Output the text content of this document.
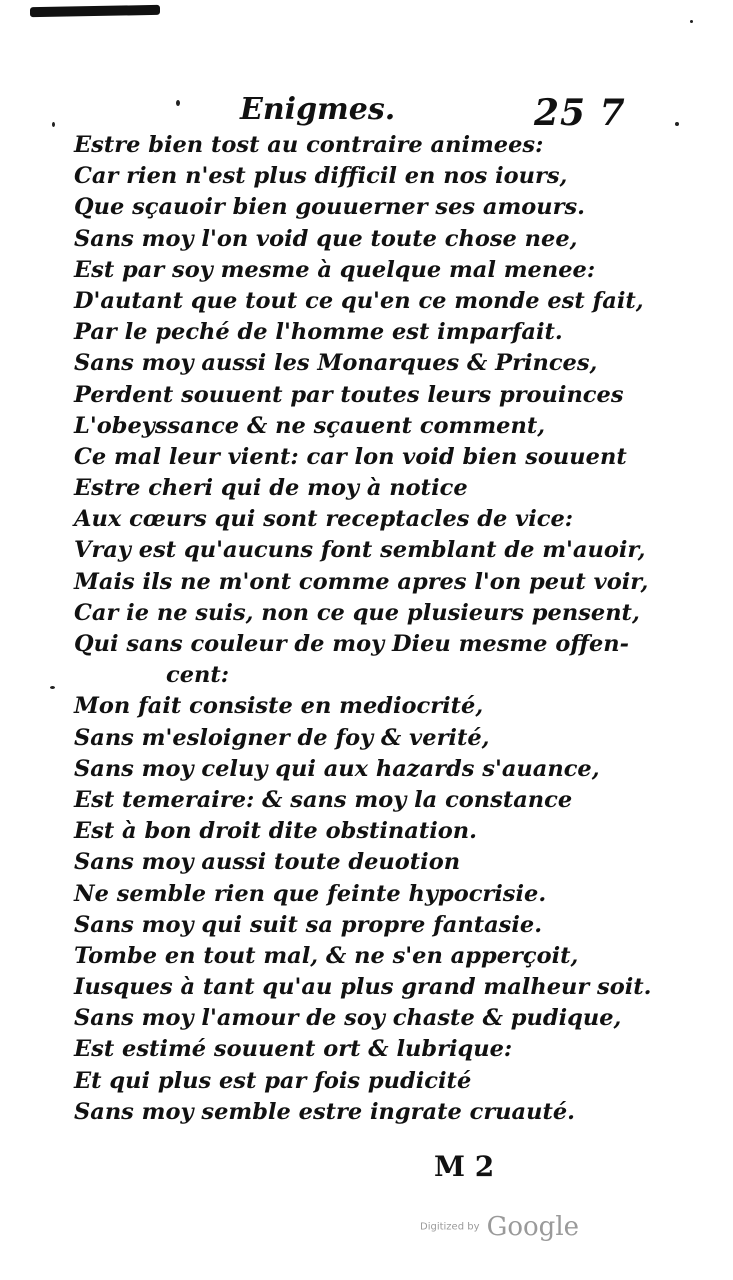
Enigmes.	25 7
Estre bien tost au contraire animees:
Car rien n'est plus difficil en nos iours,
Que sçauoir bien gouuerner ses amours.
Sans moy l'on void que toute chose nee,
Est par soy mesme à quelque mal menee:
D'autant que tout ce qu'en ce monde est fait,
Par le peché de l'homme est imparfait.
Sans moy aussi les Monarques & Princes,
Perdent souuent par toutes leurs prouinces
L'obeyssance & ne sçauent comment,
Ce mal leur vient: car lon void bien souuent
Estre cheri qui de moy à notice
Aux cœurs qui sont receptacles de vice:
Vray est qu'aucuns font semblant de m'auoir,
Mais ils ne m'ont comme apres l'on peut voir,
Car ie ne suis, non ce que plusieurs pensent,
Qui sans couleur de moy Dieu mesme offen-
cent:
Mon fait consiste en mediocrité,
Sans m'esloigner de foy & verité,
Sans moy celuy qui aux hazards s'auance,
Est temeraire: & sans moy la constance
Est à bon droit dite obstination.
Sans moy aussi toute deuotion
Ne semble rien que feinte hypocrisie.
Sans moy qui suit sa propre fantasie.
Tombe en tout mal, & ne s'en apperçoit,
Iusques à tant qu'au plus grand malheur soit.
Sans moy l'amour de soy chaste & pudique,
Est estimé souuent ort & lubrique:
Et qui plus est par fois pudicité
Sans moy semble estre ingrate cruauté.
M 2
Digitized by Google
